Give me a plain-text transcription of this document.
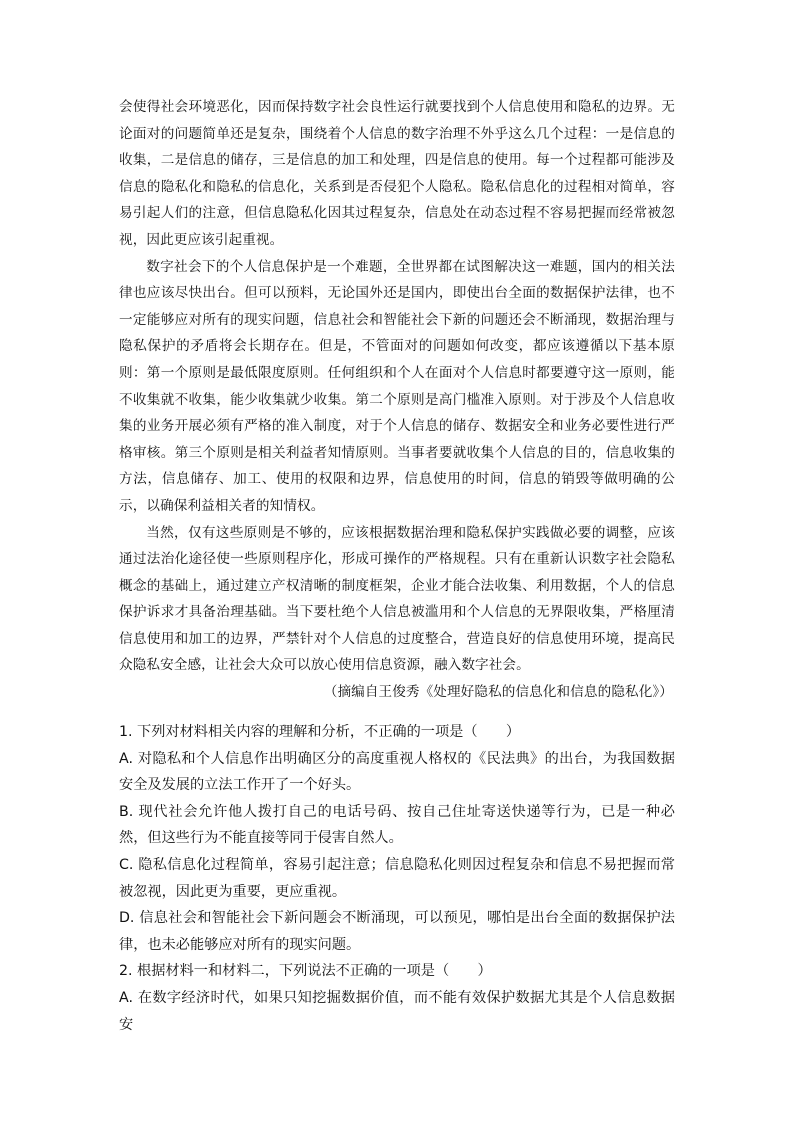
会使得社会环境恶化，因而保持数字社会良性运行就要找到个人信息使用和隐私的边界。无论面对的问题简单还是复杂，围绕着个人信息的数字治理不外乎这么几个过程：一是信息的收集，二是信息的储存，三是信息的加工和处理，四是信息的使用。每一个过程都可能涉及信息的隐私化和隐私的信息化，关系到是否侵犯个人隐私。隐私信息化的过程相对简单，容易引起人们的注意，但信息隐私化因其过程复杂，信息处在动态过程不容易把握而经常被忽视，因此更应该引起重视。

数字社会下的个人信息保护是一个难题，全世界都在试图解决这一难题，国内的相关法律也应该尽快出台。但可以预料，无论国外还是国内，即使出台全面的数据保护法律，也不一定能够应对所有的现实问题，信息社会和智能社会下新的问题还会不断涌现，数据治理与隐私保护的矛盾将会长期存在。但是，不管面对的问题如何改变，都应该遵循以下基本原则：第一个原则是最低限度原则。任何组织和个人在面对个人信息时都要遵守这一原则，能不收集就不收集，能少收集就少收集。第二个原则是高门槛准入原则。对于涉及个人信息收集的业务开展必须有严格的准入制度，对于个人信息的储存、数据安全和业务必要性进行严格审核。第三个原则是相关利益者知情原则。当事者要就收集个人信息的目的，信息收集的方法，信息储存、加工、使用的权限和边界，信息使用的时间，信息的销毁等做明确的公示，以确保利益相关者的知情权。

当然，仅有这些原则是不够的，应该根据数据治理和隐私保护实践做必要的调整，应该通过法治化途径使一些原则程序化，形成可操作的严格规程。只有在重新认识数字社会隐私概念的基础上，通过建立产权清晰的制度框架，企业才能合法收集、利用数据，个人的信息保护诉求才具备治理基础。当下要杜绝个人信息被滥用和个人信息的无界限收集，严格厘清信息使用和加工的边界，严禁针对个人信息的过度整合，营造良好的信息使用环境，提高民众隐私安全感，让社会大众可以放心使用信息资源，融入数字社会。

（摘编自王俊秀《处理好隐私的信息化和信息的隐私化》）

1. 下列对材料相关内容的理解和分析，不正确的一项是（　　）

A. 对隐私和个人信息作出明确区分的高度重视人格权的《民法典》的出台，为我国数据安全及发展的立法工作开了一个好头。

B. 现代社会允许他人拨打自己的电话号码、按自己住址寄送快递等行为，已是一种必然，但这些行为不能直接等同于侵害自然人。

C. 隐私信息化过程简单，容易引起注意；信息隐私化则因过程复杂和信息不易把握而常被忽视，因此更为重要，更应重视。

D. 信息社会和智能社会下新问题会不断涌现，可以预见，哪怕是出台全面的数据保护法律，也未必能够应对所有的现实问题。

2. 根据材料一和材料二，下列说法不正确的一项是（　　）

A. 在数字经济时代，如果只知挖掘数据价值，而不能有效保护数据尤其是个人信息数据安
